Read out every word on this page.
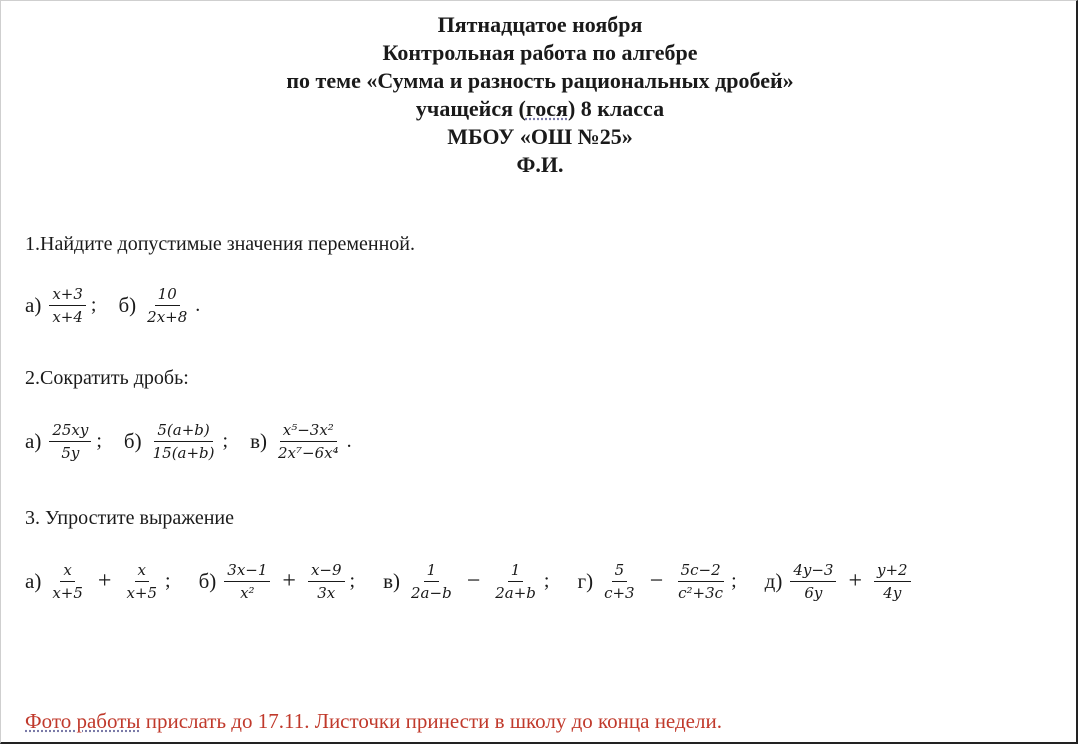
Пятнадцатое ноября
Контрольная работа по алгебре
по теме «Сумма и разность рациональных дробей»
учащейся (гося) 8 класса
МБОУ «ОШ №25»
Ф.И.
1.Найдите допустимые значения переменной.
$а) \frac{x+3}{x+4}$ ; $б) \frac{10}{2x+8}$ .
2.Сократить дробь:
$а) \frac{25xy}{5y}$ ; $б) \frac{5(a+b)}{15(a+b)}$ ; $в) \frac{\text{x⁵−3x²}}{\text{2x⁷−6x⁴}}$ .
3. Упростите выражение
$а) \frac{x}{x+5} + \frac{x}{x+5}$ ; $б) \frac{3x-1}{\text{x²}} + \frac{x-9}{3x}$ ; $в) \frac{1}{2a-b} - \frac{1}{2a+b}$ ; $г) \frac{5}{c+3} - \frac{5c-2}{\text{c²+3c}}$ ; $д) \frac{4y-3}{6y} + \frac{y+2}{4y}$
Фото работы прислать до 17.11. Листочки принести в школу до конца недели.
